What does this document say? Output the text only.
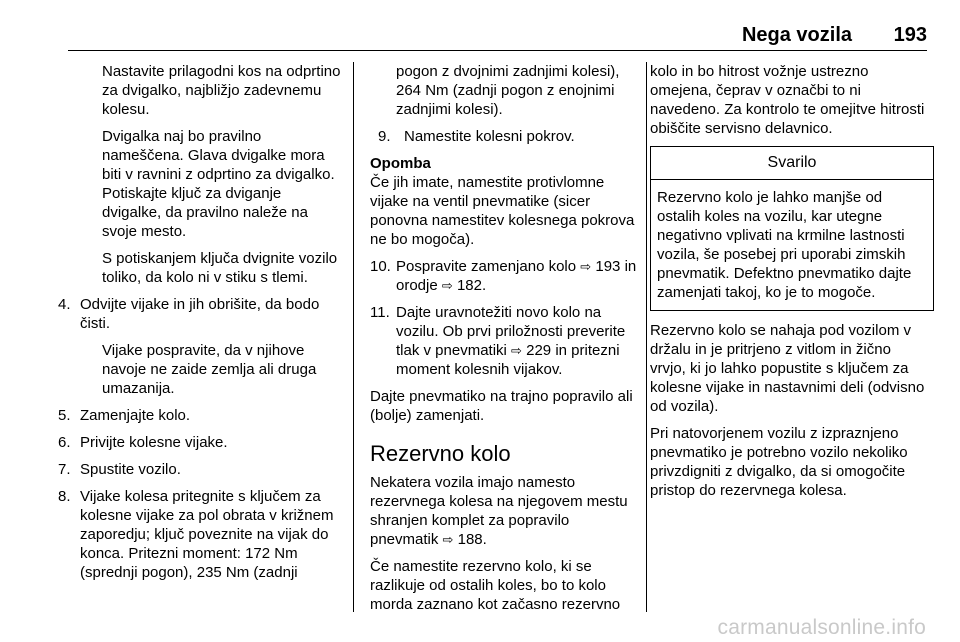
Nega vozila 193

Nastavite prilagodni kos na odprtino za dvigalko, najbližjo zadevnemu kolesu.

Dvigalka naj bo pravilno nameščena. Glava dvigalke mora biti v ravnini z odprtino za dvigalko. Potiskajte ključ za dviganje dvigalke, da pravilno naleže na svoje mesto.

S potiskanjem ključa dvignite vozilo toliko, da kolo ni v stiku s tlemi.

4. Odvijte vijake in jih obrišite, da bodo čisti.

Vijake pospravite, da v njihove navoje ne zaide zemlja ali druga umazanija.

5. Zamenjajte kolo.
6. Privijte kolesne vijake.
7. Spustite vozilo.
8. Vijake kolesa pritegnite s ključem za kolesne vijake za pol obrata v križnem zaporedju; ključ poveznite na vijak do konca. Pritezni moment: 172 Nm (sprednji pogon), 235 Nm (zadnji

pogon z dvojnimi zadnjimi kolesi), 264 Nm (zadnji pogon z enojnimi zadnjimi kolesi).

9. Namestite kolesni pokrov.

Opomba

Če jih imate, namestite protivlomne vijake na ventil pnevmatike (sicer ponovna namestitev kolesnega pokrova ne bo mogoča).

10. Pospravite zamenjano kolo ⇨ 193 in orodje ⇨ 182.
11. Dajte uravnotežiti novo kolo na vozilu. Ob prvi priložnosti preverite tlak v pnevmatiki ⇨ 229 in pritezni moment kolesnih vijakov.

Dajte pnevmatiko na trajno popravilo ali (bolje) zamenjati.

Rezervno kolo

Nekatera vozila imajo namesto rezervnega kolesa na njegovem mestu shranjen komplet za popravilo pnevmatik ⇨ 188.

Če namestite rezervno kolo, ki se razlikuje od ostalih koles, bo to kolo morda zaznano kot začasno rezervno

kolo in bo hitrost vožnje ustrezno omejena, čeprav v označbi to ni navedeno. Za kontrolo te omejitve hitrosti obiščite servisno delavnico.

Svarilo
Rezervno kolo je lahko manjše od ostalih koles na vozilu, kar utegne negativno vplivati na krmilne lastnosti vozila, še posebej pri uporabi zimskih pnevmatik. Defektno pnevmatiko dajte zamenjati takoj, ko je to mogoče.

Rezervno kolo se nahaja pod vozilom v držalu in je pritrjeno z vitlom in žično vrvjo, ki jo lahko popustite s ključem za kolesne vijake in nastavnimi deli (odvisno od vozila).

Pri natovorjenem vozilu z izpraznjeno pnevmatiko je potrebno vozilo nekoliko privzdigniti z dvigalko, da si omogočite pristop do rezervnega kolesa.

carmanualsonline.info
